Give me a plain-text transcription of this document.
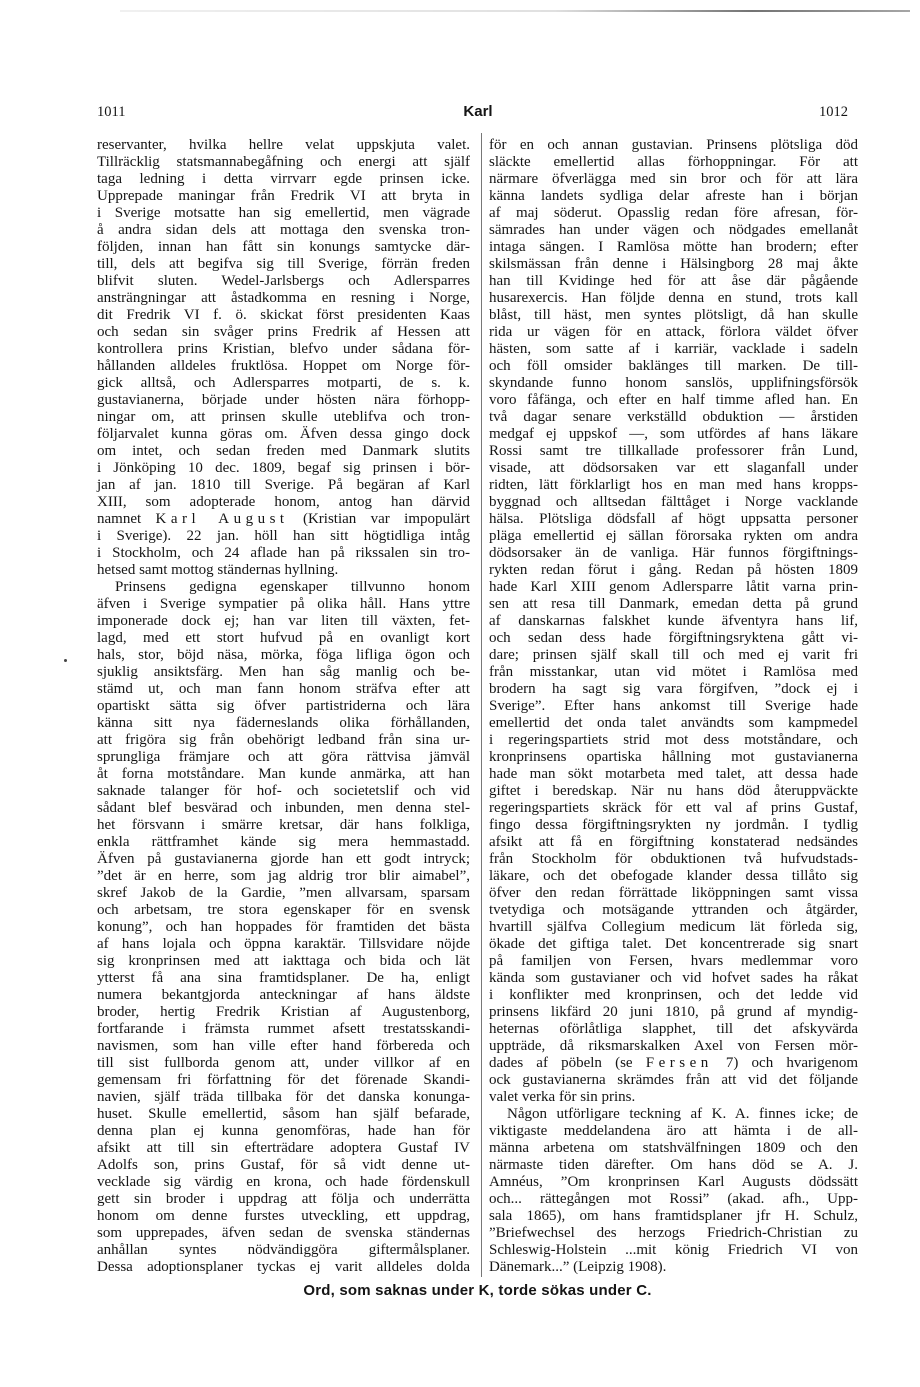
1011	Karl	1012
reservanter, hvilka hellre velat uppskjuta valet.
Tillräcklig statsmannabegåfning och energi att själf
taga ledning i detta virrvarr egde prinsen icke.
Upprepade maningar från Fredrik VI att bryta in
i Sverige motsatte han sig emellertid, men vägrade
å andra sidan dels att mottaga den svenska tron-
följden, innan han fått sin konungs samtycke där-
till, dels att begifva sig till Sverige, förrän freden
blifvit sluten. Wedel-Jarlsbergs och Adlersparres
ansträngningar att åstadkomma en resning i Norge,
dit Fredrik VI f. ö. skickat först presidenten Kaas
och sedan sin svåger prins Fredrik af Hessen att
kontrollera prins Kristian, blefvo under sådana för-
hållanden alldeles fruktlösa. Hoppet om Norge för-
gick alltså, och Adlersparres motparti, de s. k.
gustavianerna, började under hösten nära förhopp-
ningar om, att prinsen skulle uteblifva och tron-
följarvalet kunna göras om. Äfven dessa gingo dock
om intet, och sedan freden med Danmark slutits
i Jönköping 10 dec. 1809, begaf sig prinsen i bör-
jan af jan. 1810 till Sverige. På begäran af Karl
XIII, som adopterade honom, antog han därvid
namnet Karl August (Kristian var impopulärt
i Sverige). 22 jan. höll han sitt högtidliga intåg
i Stockholm, och 24 aflade han på rikssalen sin tro-
hetsed samt mottog ständernas hyllning.
Prinsens gedigna egenskaper tillvunno honom
äfven i Sverige sympatier på olika håll. Hans yttre
imponerade dock ej; han var liten till växten, fet-
lagd, med ett stort hufvud på en ovanligt kort
hals, stor, böjd näsa, mörka, föga lifliga ögon och
sjuklig ansiktsfärg. Men han såg manlig och be-
stämd ut, och man fann honom sträfva efter att
opartiskt sätta sig öfver partistriderna och lära
känna sitt nya fäderneslands olika förhållanden,
att frigöra sig från obehörigt ledband från sina ur-
sprungliga främjare och att göra rättvisa jämväl
åt forna motståndare. Man kunde anmärka, att han
saknade talanger för hof- och societetslif och vid
sådant blef besvärad och inbunden, men denna stel-
het försvann i smärre kretsar, där hans folkliga,
enkla rättframhet kände sig mera hemmastadd.
Äfven på gustavianerna gjorde han ett godt intryck;
”det är en herre, som jag aldrig tror blir aimabel”,
skref Jakob de la Gardie, ”men allvarsam, sparsam
och arbetsam, tre stora egenskaper för en svensk
konung”, och han hoppades för framtiden det bästa
af hans lojala och öppna karaktär. Tillsvidare nöjde
sig kronprinsen med att iakttaga och bida och lät
ytterst få ana sina framtidsplaner. De ha, enligt
numera bekantgjorda anteckningar af hans äldste
broder, hertig Fredrik Kristian af Augustenborg,
fortfarande i främsta rummet afsett trestatsskandi-
navismen, som han ville efter hand förbereda och
till sist fullborda genom att, under villkor af en
gemensam fri författning för det förenade Skandi-
navien, själf träda tillbaka för det danska konunga-
huset. Skulle emellertid, såsom han själf befarade,
denna plan ej kunna genomföras, hade han för
afsikt att till sin efterträdare adoptera Gustaf IV
Adolfs son, prins Gustaf, för så vidt denne ut-
vecklade sig värdig en krona, och hade fördenskull
gett sin broder i uppdrag att följa och underrätta
honom om denne furstes utveckling, ett uppdrag,
som upprepades, äfven sedan de svenska ständernas
anhållan syntes nödvändiggöra giftermålsplaner.
Dessa adoptionsplaner tyckas ej varit alldeles dolda
för en och annan gustavian. Prinsens plötsliga död
släckte emellertid allas förhoppningar. För att
närmare öfverlägga med sin bror och för att lära
känna landets sydliga delar afreste han i början
af maj söderut. Opasslig redan före afresan, för-
sämrades han under vägen och nödgades emellanåt
intaga sängen. I Ramlösa mötte han brodern; efter
skilsmässan från denne i Hälsingborg 28 maj åkte
han till Kvidinge hed för att åse där pågående
husarexercis. Han följde denna en stund, trots kall
blåst, till häst, men syntes plötsligt, då han skulle
rida ur vägen för en attack, förlora väldet öfver
hästen, som satte af i karriär, vacklade i sadeln
och föll omsider baklänges till marken. De till-
skyndande funno honom sanslös, upplifningsförsök
voro fåfänga, och efter en half timme afled han. En
två dagar senare verkställd obduktion — årstiden
medgaf ej uppskof —, som utfördes af hans läkare
Rossi samt tre tillkallade professorer från Lund,
visade, att dödsorsaken var ett slaganfall under
ridten, lätt förklarligt hos en man med hans kropps-
byggnad och alltsedan fälttåget i Norge vacklande
hälsa. Plötsliga dödsfall af högt uppsatta personer
pläga emellertid ej sällan förorsaka rykten om andra
dödsorsaker än de vanliga. Här funnos förgiftnings-
rykten redan förut i gång. Redan på hösten 1809
hade Karl XIII genom Adlersparre låtit varna prin-
sen att resa till Danmark, emedan detta på grund
af danskarnas falskhet kunde äfventyra hans lif,
och sedan dess hade förgiftningsryktena gått vi-
dare; prinsen själf skall till och med ej varit fri
från misstankar, utan vid mötet i Ramlösa med
brodern ha sagt sig vara förgifven, ”dock ej i
Sverige”. Efter hans ankomst till Sverige hade
emellertid det onda talet användts som kampmedel
i regeringspartiets strid mot dess motståndare, och
kronprinsens opartiska hållning mot gustavianerna
hade man sökt motarbeta med talet, att dessa hade
giftet i beredskap. När nu hans död återuppväckte
regeringspartiets skräck för ett val af prins Gustaf,
fingo dessa förgiftningsrykten ny jordmån. I tydlig
afsikt att få en förgiftning konstaterad nedsändes
från Stockholm för obduktionen två hufvudstads-
läkare, och det obefogade klander dessa tillåto sig
öfver den redan förrättade liköppningen samt vissa
tvetydiga och motsägande yttranden och åtgärder,
hvartill själfva Collegium medicum lät förleda sig,
ökade det giftiga talet. Det koncentrerade sig snart
på familjen von Fersen, hvars medlemmar voro
kända som gustavianer och vid hofvet sades ha råkat
i konflikter med kronprinsen, och det ledde vid
prinsens likfärd 20 juni 1810, på grund af myndig-
heternas oförlåtliga slapphet, till det afskyvärda
uppträde, då riksmarskalken Axel von Fersen mör-
dades af pöbeln (se Fersen 7) och hvarigenom
ock gustavianerna skrämdes från att vid det följande
valet verka för sin prins.
Någon utförligare teckning af K. A. finnes icke; de
viktigaste meddelandena äro att hämta i de all-
männa arbetena om statshvälfningen 1809 och den
närmaste tiden därefter. Om hans död se A. J.
Amnéus, ”Om kronprinsen Karl Augusts dödssätt
och... rättegången mot Rossi” (akad. afh., Upp-
sala 1865), om hans framtidsplaner jfr H. Schulz,
”Briefwechsel des herzogs Friedrich-Christian zu
Schleswig-Holstein ...mit könig Friedrich VI von
Dänemark...” (Leipzig 1908).
Ord, som saknas under K, torde sökas under C.
